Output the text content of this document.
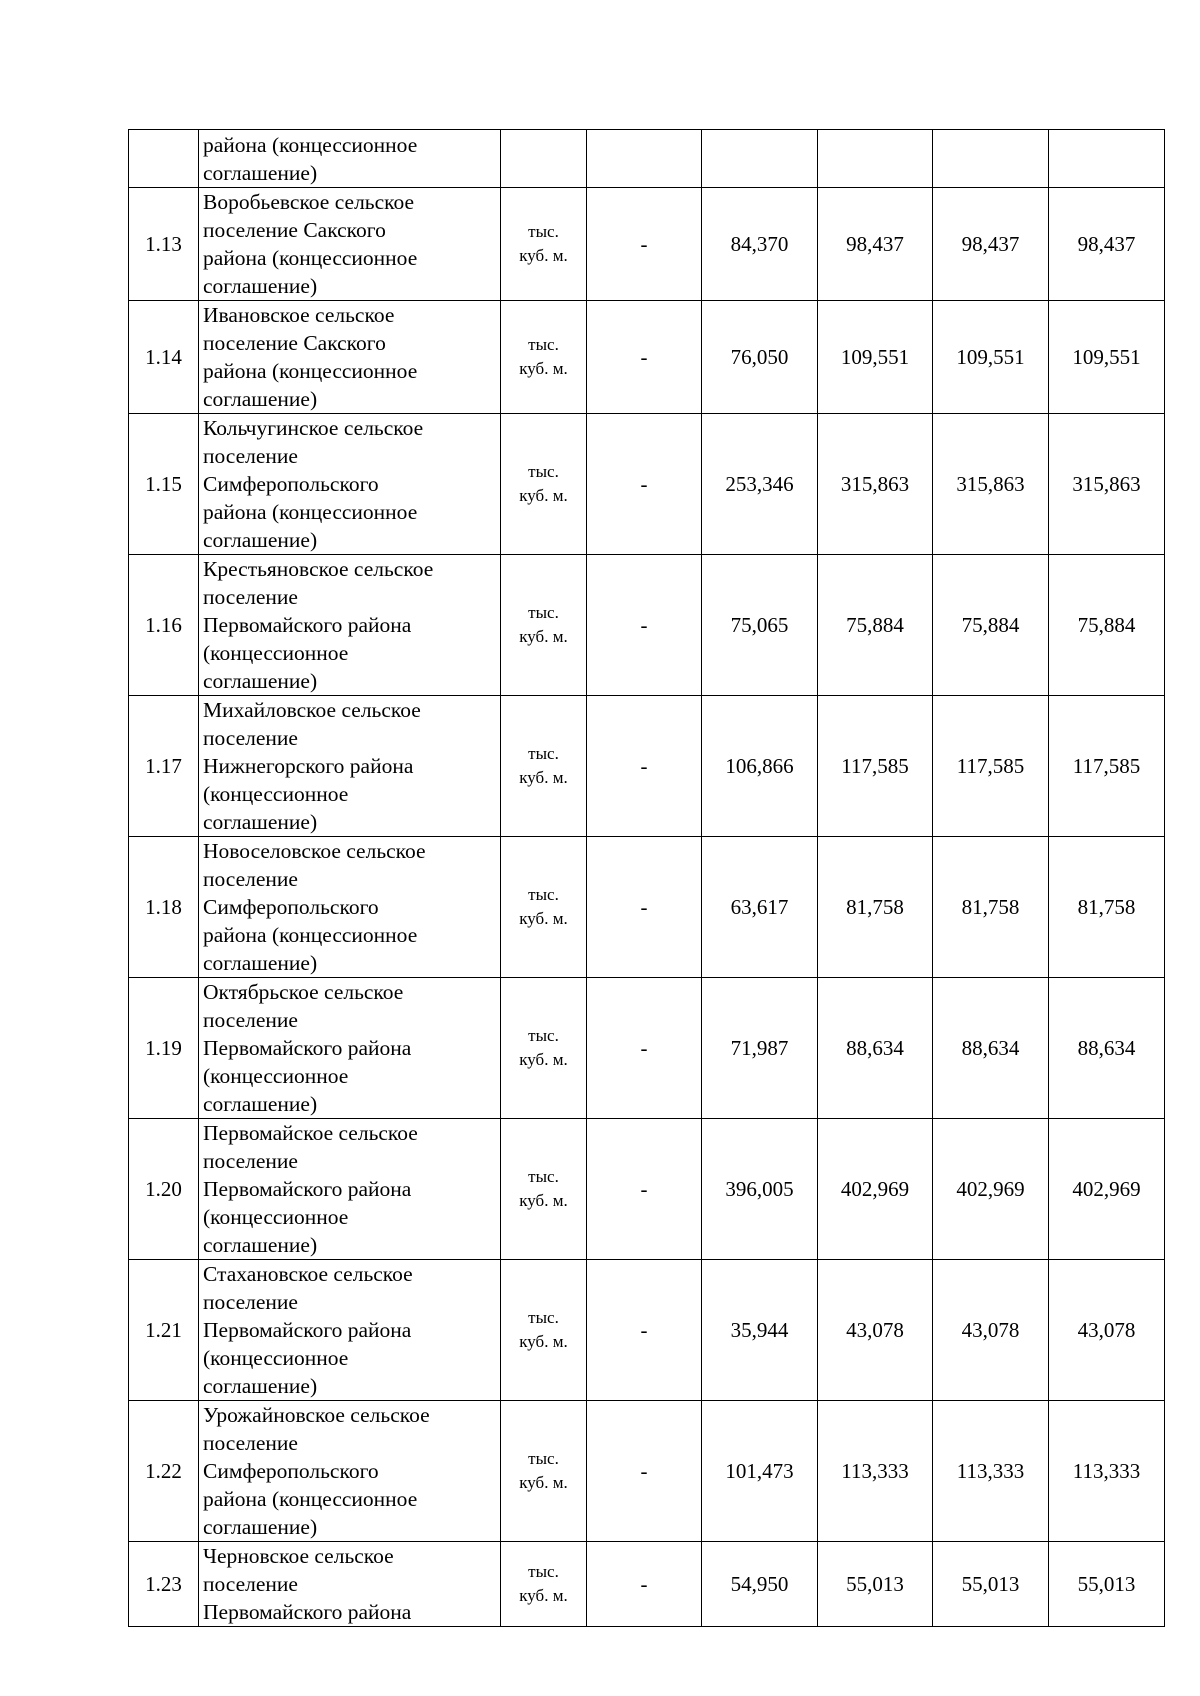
	района (концессионное
соглашение)						
1.13	Воробьевское сельское
поселение Сакского
района (концессионное
соглашение)	тыс.
куб. м.	-	84,370	98,437	98,437	98,437
1.14	Ивановское сельское
поселение Сакского
района (концессионное
соглашение)	тыс.
куб. м.	-	76,050	109,551	109,551	109,551
1.15	Кольчугинское сельское
поселение
Симферопольского
района (концессионное
соглашение)	тыс.
куб. м.	-	253,346	315,863	315,863	315,863
1.16	Крестьяновское сельское
поселение
Первомайского района
(концессионное
соглашение)	тыс.
куб. м.	-	75,065	75,884	75,884	75,884
1.17	Михайловское сельское
поселение
Нижнегорского района
(концессионное
соглашение)	тыс.
куб. м.	-	106,866	117,585	117,585	117,585
1.18	Новоселовское сельское
поселение
Симферопольского
района (концессионное
соглашение)	тыс.
куб. м.	-	63,617	81,758	81,758	81,758
1.19	Октябрьское сельское
поселение
Первомайского района
(концессионное
соглашение)	тыс.
куб. м.	-	71,987	88,634	88,634	88,634
1.20	Первомайское сельское
поселение
Первомайского района
(концессионное
соглашение)	тыс.
куб. м.	-	396,005	402,969	402,969	402,969
1.21	Стахановское сельское
поселение
Первомайского района
(концессионное
соглашение)	тыс.
куб. м.	-	35,944	43,078	43,078	43,078
1.22	Урожайновское сельское
поселение
Симферопольского
района (концессионное
соглашение)	тыс.
куб. м.	-	101,473	113,333	113,333	113,333
1.23	Черновское сельское
поселение
Первомайского района	тыс.
куб. м.	-	54,950	55,013	55,013	55,013
